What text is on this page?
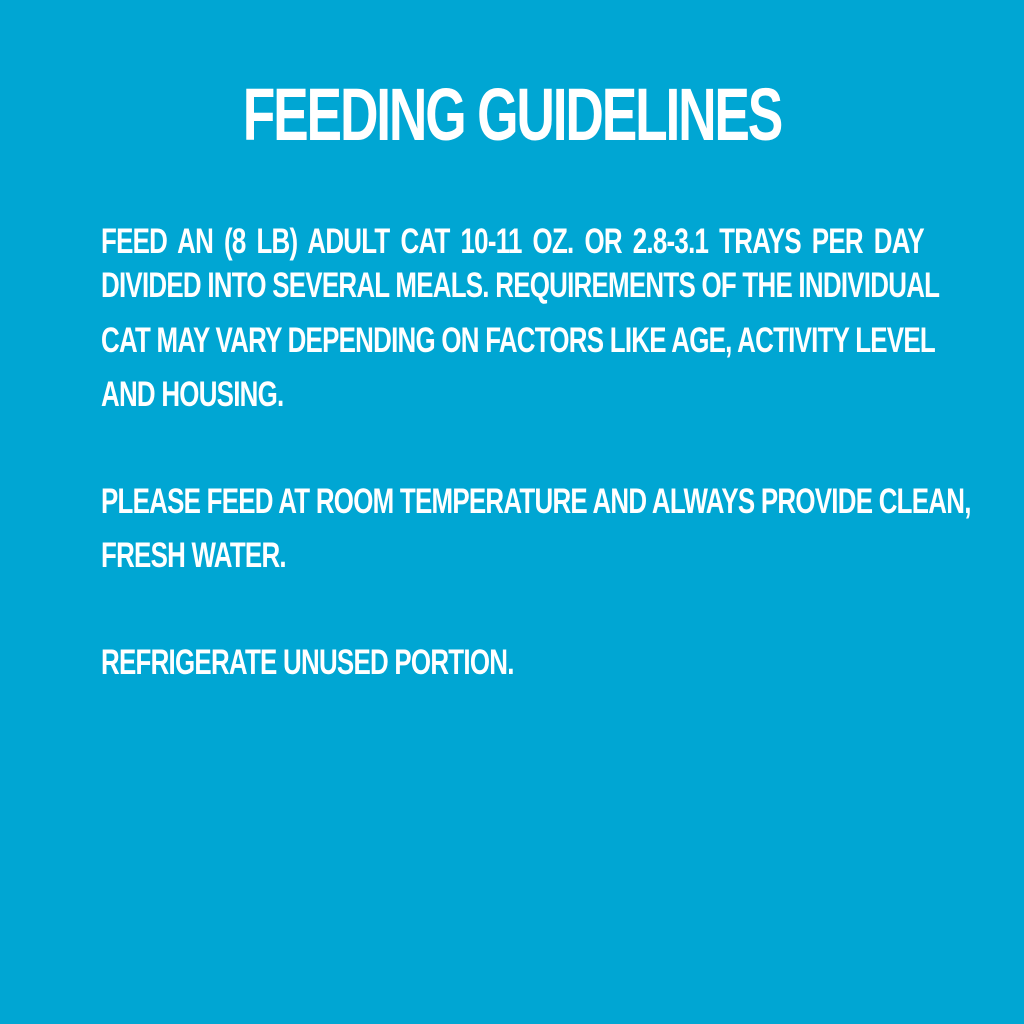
FEEDING GUIDELINES

FEED AN (8 LB) ADULT CAT 10-11 OZ. OR 2.8-3.1 TRAYS PER DAY

DIVIDED INTO SEVERAL MEALS. REQUIREMENTS OF THE INDIVIDUAL

CAT MAY VARY DEPENDING ON FACTORS LIKE AGE, ACTIVITY LEVEL

AND HOUSING.

PLEASE FEED AT ROOM TEMPERATURE AND ALWAYS PROVIDE CLEAN,

FRESH WATER.

REFRIGERATE UNUSED PORTION.
